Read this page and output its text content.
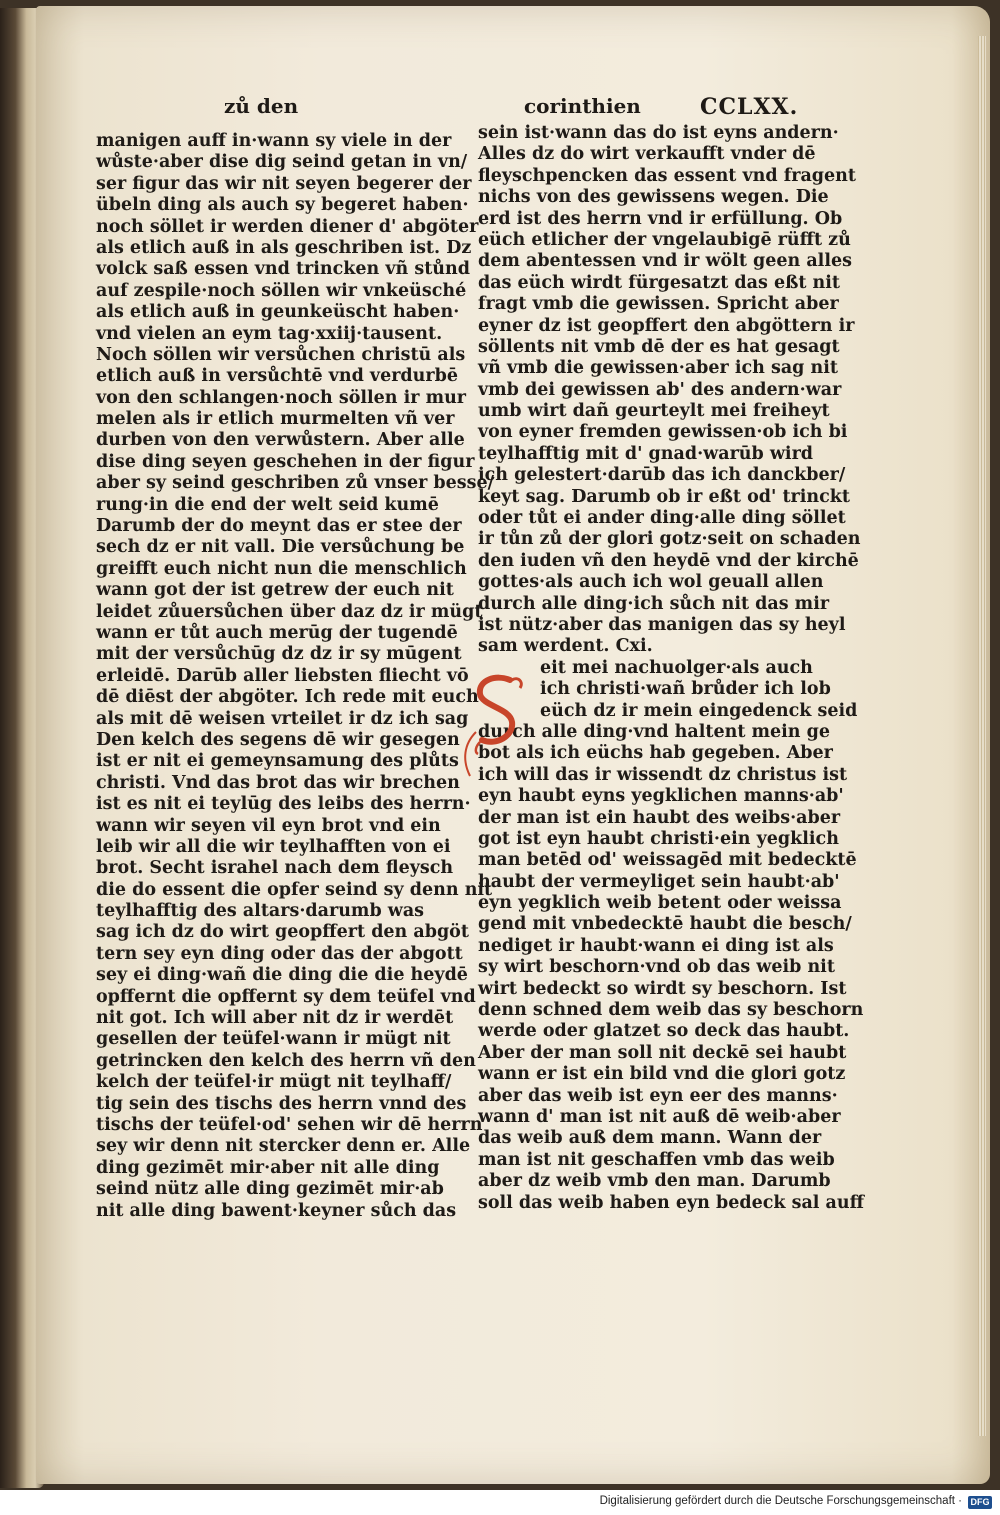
zů den	corinthien	CCLXX.
manigen auff in·wann sy viele in der
wůste·aber dise dig seind getan in vn/
ser figur das wir nit seyen begerer der
übeln ding als auch sy begeret haben·
noch söllet ir werden diener d' abgöter
als etlich auß in als geschriben ist. Dz
volck saß essen vnd trincken vñ stůnd
auf zespile·noch söllen wir vnkeüsché
als etlich auß in geunkeüscht haben·
vnd vielen an eym tag·xxiij·tausent.
Noch söllen wir versůchen christū als
etlich auß in versůchtē vnd verdurbē
von den schlangen·noch söllen ir mur
melen als ir etlich murmelten vñ ver
durben von den verwůstern. Aber alle
dise ding seyen geschehen in der figur
aber sy seind geschriben zů vnser besse/
rung·in die end der welt seid kumē
Darumb der do meynt das er stee der
sech dz er nit vall. Die versůchung be
greifft euch nicht nun die menschlich
wann got der ist getrew der euch nit
leidet zůuersůchen über daz dz ir mügt
wann er tůt auch merūg der tugendē
mit der versůchūg dz dz ir sy mūgent
erleidē. Darūb aller liebsten fliecht vō
dē diēst der abgöter. Ich rede mit euch
als mit dē weisen vrteilet ir dz ich sag
Den kelch des segens dē wir gesegen
ist er nit ei gemeynsamung des plůts
christi. Vnd das brot das wir brechen
ist es nit ei teylūg des leibs des herrn·
wann wir seyen vil eyn brot vnd ein
leib wir all die wir teylhafften von ei
brot. Secht israhel nach dem fleysch
die do essent die opfer seind sy denn nit
teylhafftig des altars·darumb was
sag ich dz do wirt geopffert den abgöt
tern sey eyn ding oder das der abgott
sey ei ding·wañ die ding die die heydē
opffernt die opffernt sy dem teüfel vnd
nit got. Ich will aber nit dz ir werdēt
gesellen der teüfel·wann ir mügt nit
getrincken den kelch des herrn vñ den
kelch der teüfel·ir mügt nit teylhaff/
tig sein des tischs des herrn vnnd des
tischs der teüfel·od' sehen wir dē herrn
sey wir denn nit stercker denn er. Alle
ding gezimēt mir·aber nit alle ding
seind nütz alle ding gezimēt mir·ab
nit alle ding bawent·keyner sůch das
sein ist·wann das do ist eyns andern·
Alles dz do wirt verkaufft vnder dē
fleyschpencken das essent vnd fragent
nichs von des gewissens wegen. Die
erd ist des herrn vnd ir erfüllung. Ob
eüch etlicher der vngelaubigē rüfft zů
dem abentessen vnd ir wölt geen alles
das eüch wirdt fürgesatzt das eßt nit
fragt vmb die gewissen. Spricht aber
eyner dz ist geopffert den abgöttern ir
söllents nit vmb dē der es hat gesagt
vñ vmb die gewissen·aber ich sag nit
vmb dei gewissen ab' des andern·war
umb wirt dañ geurteylt mei freiheyt
von eyner fremden gewissen·ob ich bi
teylhafftig mit d' gnad·warūb wird
ich gelestert·darūb das ich danckber/
keyt sag. Darumb ob ir eßt od' trinckt
oder tůt ei ander ding·alle ding söllet
ir tůn zů der glori gotz·seit on schaden
den iuden vñ den heydē vnd der kirchē
gottes·als auch ich wol geuall allen
durch alle ding·ich sůch nit das mir
ist nütz·aber das manigen das sy heyl
sam werdent. Cxi.
eit mei nachuolger·als auch
ich christi·wañ brůder ich lob
eüch dz ir mein eingedenck seid
durch alle ding·vnd haltent mein ge
bot als ich eüchs hab gegeben. Aber
ich will das ir wissendt dz christus ist
eyn haubt eyns yegklichen manns·ab'
der man ist ein haubt des weibs·aber
got ist eyn haubt christi·ein yegklich
man betēd od' weissagēd mit bedecktē
haubt der vermeyliget sein haubt·ab'
eyn yegklich weib betent oder weissa
gend mit vnbedecktē haubt die besch/
nediget ir haubt·wann ei ding ist als
sy wirt beschorn·vnd ob das weib nit
wirt bedeckt so wirdt sy beschorn. Ist
denn schned dem weib das sy beschorn
werde oder glatzet so deck das haubt.
Aber der man soll nit deckē sei haubt
wann er ist ein bild vnd die glori gotz
aber das weib ist eyn eer des manns·
wann d' man ist nit auß dē weib·aber
das weib auß dem mann. Wann der
man ist nit geschaffen vmb das weib
aber dz weib vmb den man. Darumb
soll das weib haben eyn bedeck sal auff
Digitalisierung gefördert durch die Deutsche Forschungsgemeinschaft · DFG
